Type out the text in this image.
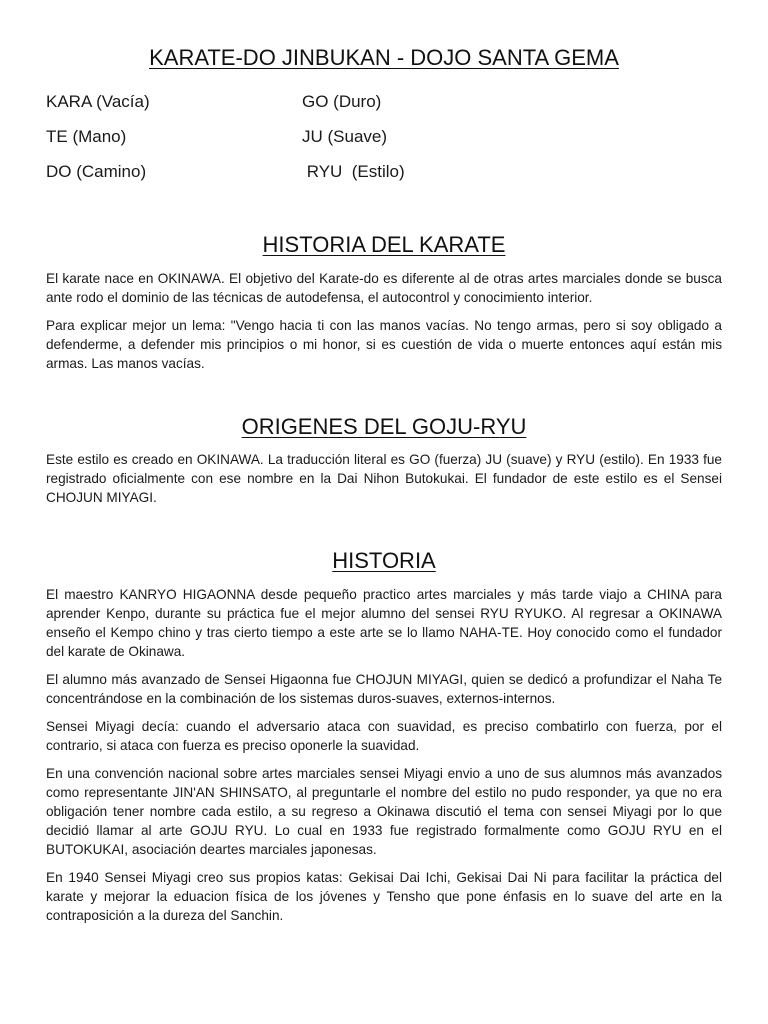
KARATE-DO JINBUKAN - DOJO SANTA GEMA
KARA (Vacía)	GO (Duro)
TE (Mano)	JU (Suave)
DO (Camino)	RYU  (Estilo)
HISTORIA DEL KARATE

El karate nace en OKINAWA. El objetivo del Karate-do es diferente al de otras artes marciales donde se busca ante rodo el dominio de las técnicas de autodefensa, el autocontrol y conocimiento interior.

Para explicar mejor un lema: "Vengo hacia ti con las manos vacías. No tengo armas, pero si soy obligado a defenderme, a defender mis principios o mi honor, si es cuestión de vida o muerte entonces aquí están mis armas. Las manos vacías.

ORIGENES DEL GOJU-RYU

Este estilo es creado en OKINAWA. La traducción literal es GO (fuerza) JU (suave) y RYU (estilo). En 1933 fue registrado oficialmente con ese nombre en la Dai Nihon Butokukai. El fundador de este estilo es el Sensei CHOJUN MIYAGI.

HISTORIA

El maestro KANRYO HIGAONNA desde pequeño practico artes marciales y más tarde viajo a CHINA para aprender Kenpo, durante su práctica fue el mejor alumno del sensei RYU RYUKO. Al regresar a OKINAWA enseño el Kempo chino y tras cierto tiempo a este arte se lo llamo NAHA-TE. Hoy conocido como el fundador del karate de Okinawa.

El alumno más avanzado de Sensei Higaonna fue CHOJUN MIYAGI, quien se dedicó a profundizar el Naha Te concentrándose en la combinación de los sistemas duros-suaves, externos-internos.

Sensei Miyagi decía: cuando el adversario ataca con suavidad, es preciso combatirlo con fuerza, por el contrario, si ataca con fuerza es preciso oponerle la suavidad.

En una convención nacional sobre artes marciales sensei Miyagi envio a uno de sus alumnos más avanzados como representante JIN'AN SHINSATO, al preguntarle el nombre del estilo no pudo responder, ya que no era obligación tener nombre cada estilo, a su regreso a Okinawa discutió el tema con sensei Miyagi por lo que decidió llamar al arte GOJU RYU. Lo cual en 1933 fue registrado formalmente como GOJU RYU en el BUTOKUKAI, asociación deartes marciales japonesas.

En 1940 Sensei Miyagi creo sus propios katas: Gekisai Dai Ichi, Gekisai Dai Ni para facilitar la práctica del karate y mejorar la eduacion física de los jóvenes y Tensho que pone énfasis en lo suave del arte en la contraposición a la dureza del Sanchin.
